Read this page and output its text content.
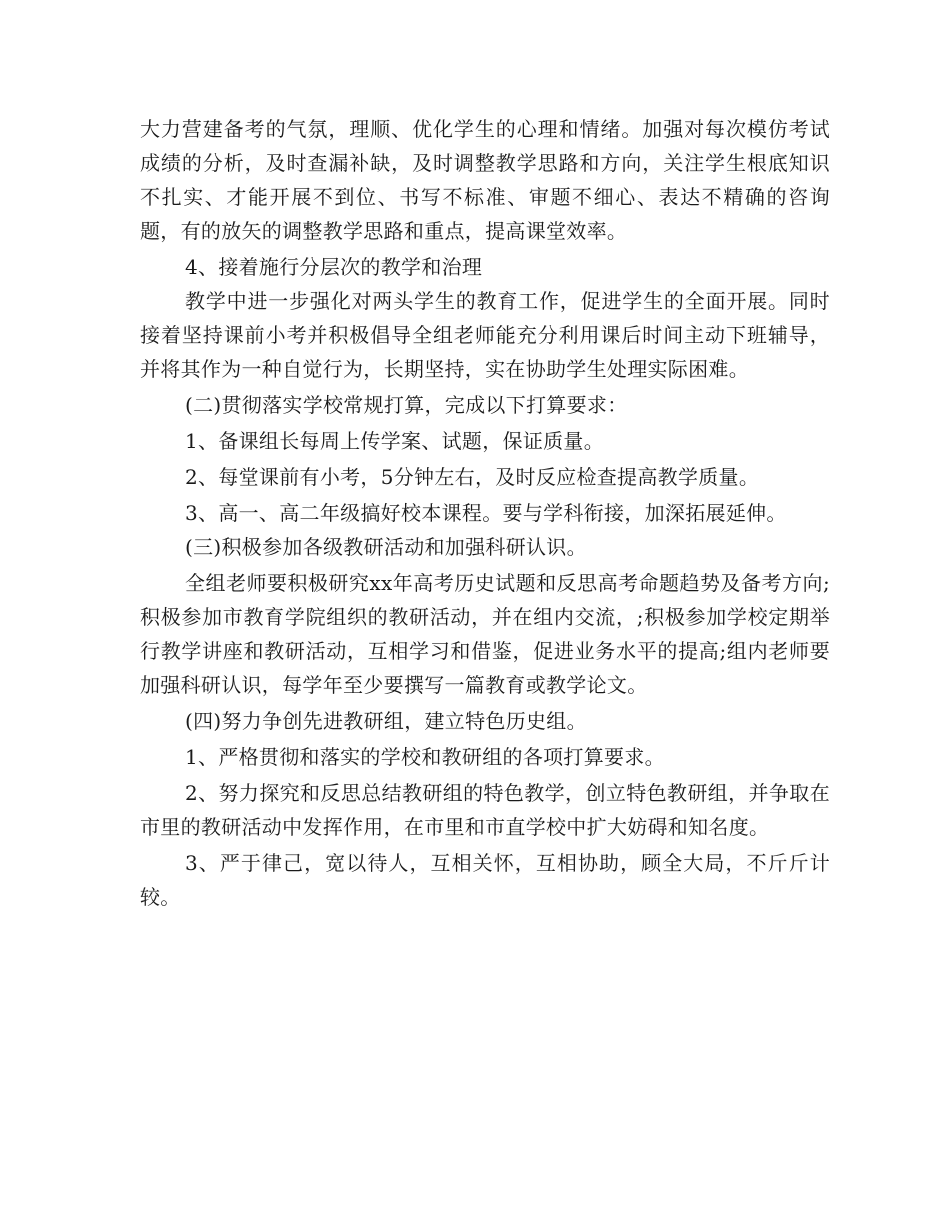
大力营建备考的气氛，理顺、优化学生的心理和情绪。加强对每次模仿考试成绩的分析，及时查漏补缺，及时调整教学思路和方向，关注学生根底知识不扎实、才能开展不到位、书写不标准、审题不细心、表达不精确的咨询题，有的放矢的调整教学思路和重点，提高课堂效率。

4、接着施行分层次的教学和治理

教学中进一步强化对两头学生的教育工作，促进学生的全面开展。同时接着坚持课前小考并积极倡导全组老师能充分利用课后时间主动下班辅导，并将其作为一种自觉行为，长期坚持，实在协助学生处理实际困难。

(二)贯彻落实学校常规打算，完成以下打算要求：

1、备课组长每周上传学案、试题，保证质量。

2、每堂课前有小考，5分钟左右，及时反应检查提高教学质量。

3、高一、高二年级搞好校本课程。要与学科衔接，加深拓展延伸。

(三)积极参加各级教研活动和加强科研认识。

全组老师要积极研究xx年高考历史试题和反思高考命题趋势及备考方向;积极参加市教育学院组织的教研活动，并在组内交流，;积极参加学校定期举行教学讲座和教研活动，互相学习和借鉴，促进业务水平的提高;组内老师要加强科研认识，每学年至少要撰写一篇教育或教学论文。

(四)努力争创先进教研组，建立特色历史组。

1、严格贯彻和落实的学校和教研组的各项打算要求。

2、努力探究和反思总结教研组的特色教学，创立特色教研组，并争取在市里的教研活动中发挥作用，在市里和市直学校中扩大妨碍和知名度。

3、严于律己，宽以待人，互相关怀，互相协助，顾全大局，不斤斤计较。
